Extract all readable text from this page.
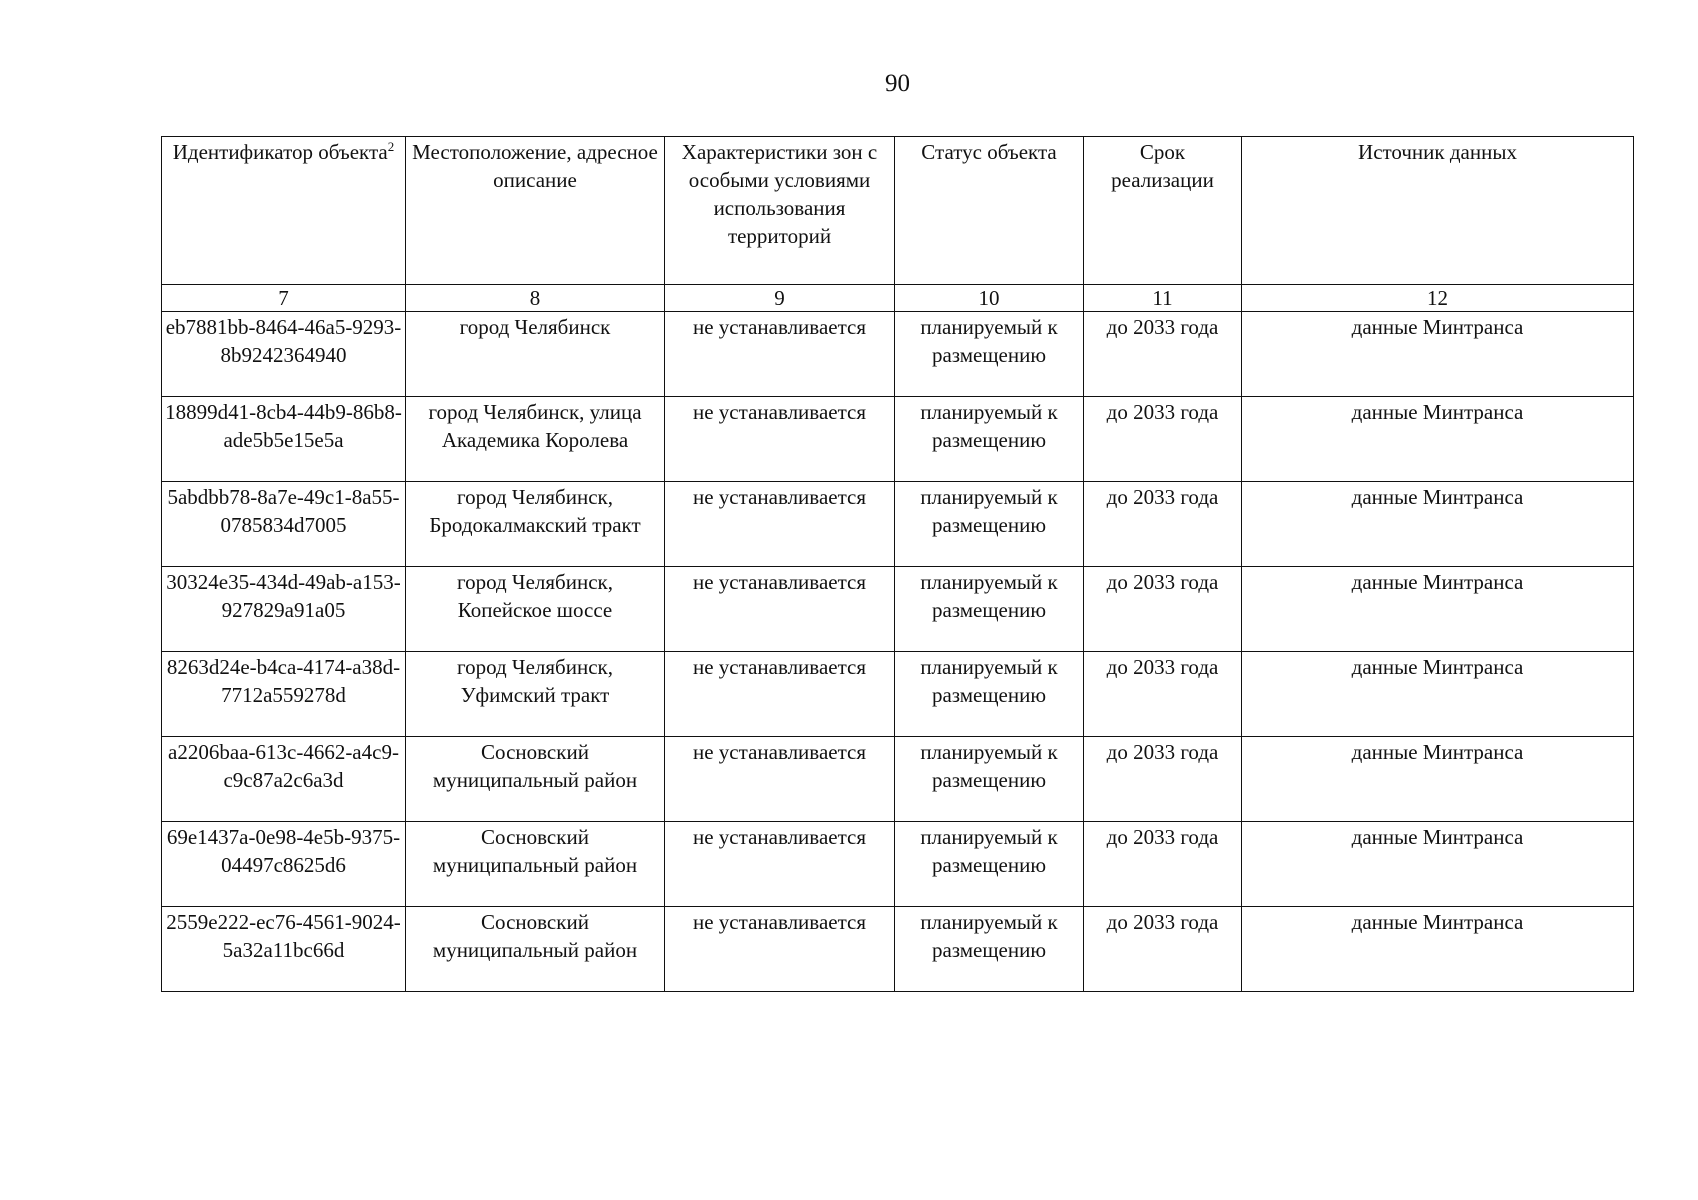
90
Идентификатор объекта$^2$	Местоположение, адресное описание	Характеристики зон с особыми условиями использования территорий	Статус объекта	Срок реализации	Источник данных
7	8	9	10	11	12
eb7881bb-8464-46a5-9293-8b9242364940	город Челябинск	не устанавливается	планируемый к размещению	до 2033 года	данные Минтранса
18899d41-8cb4-44b9-86b8-ade5b5e15e5a	город Челябинск, улица Академика Королева	не устанавливается	планируемый к размещению	до 2033 года	данные Минтранса
5abdbb78-8a7e-49c1-8a55-0785834d7005	город Челябинск, Бродокалмакский тракт	не устанавливается	планируемый к размещению	до 2033 года	данные Минтранса
30324e35-434d-49ab-a153-927829a91a05	город Челябинск, Копейское шоссе	не устанавливается	планируемый к размещению	до 2033 года	данные Минтранса
8263d24e-b4ca-4174-a38d-7712a559278d	город Челябинск, Уфимский тракт	не устанавливается	планируемый к размещению	до 2033 года	данные Минтранса
a2206baa-613c-4662-a4c9-c9c87a2c6a3d	Сосновский муниципальный район	не устанавливается	планируемый к размещению	до 2033 года	данные Минтранса
69e1437a-0e98-4e5b-9375-04497c8625d6	Сосновский муниципальный район	не устанавливается	планируемый к размещению	до 2033 года	данные Минтранса
2559e222-ec76-4561-9024-5a32a11bc66d	Сосновский муниципальный район	не устанавливается	планируемый к размещению	до 2033 года	данные Минтранса
